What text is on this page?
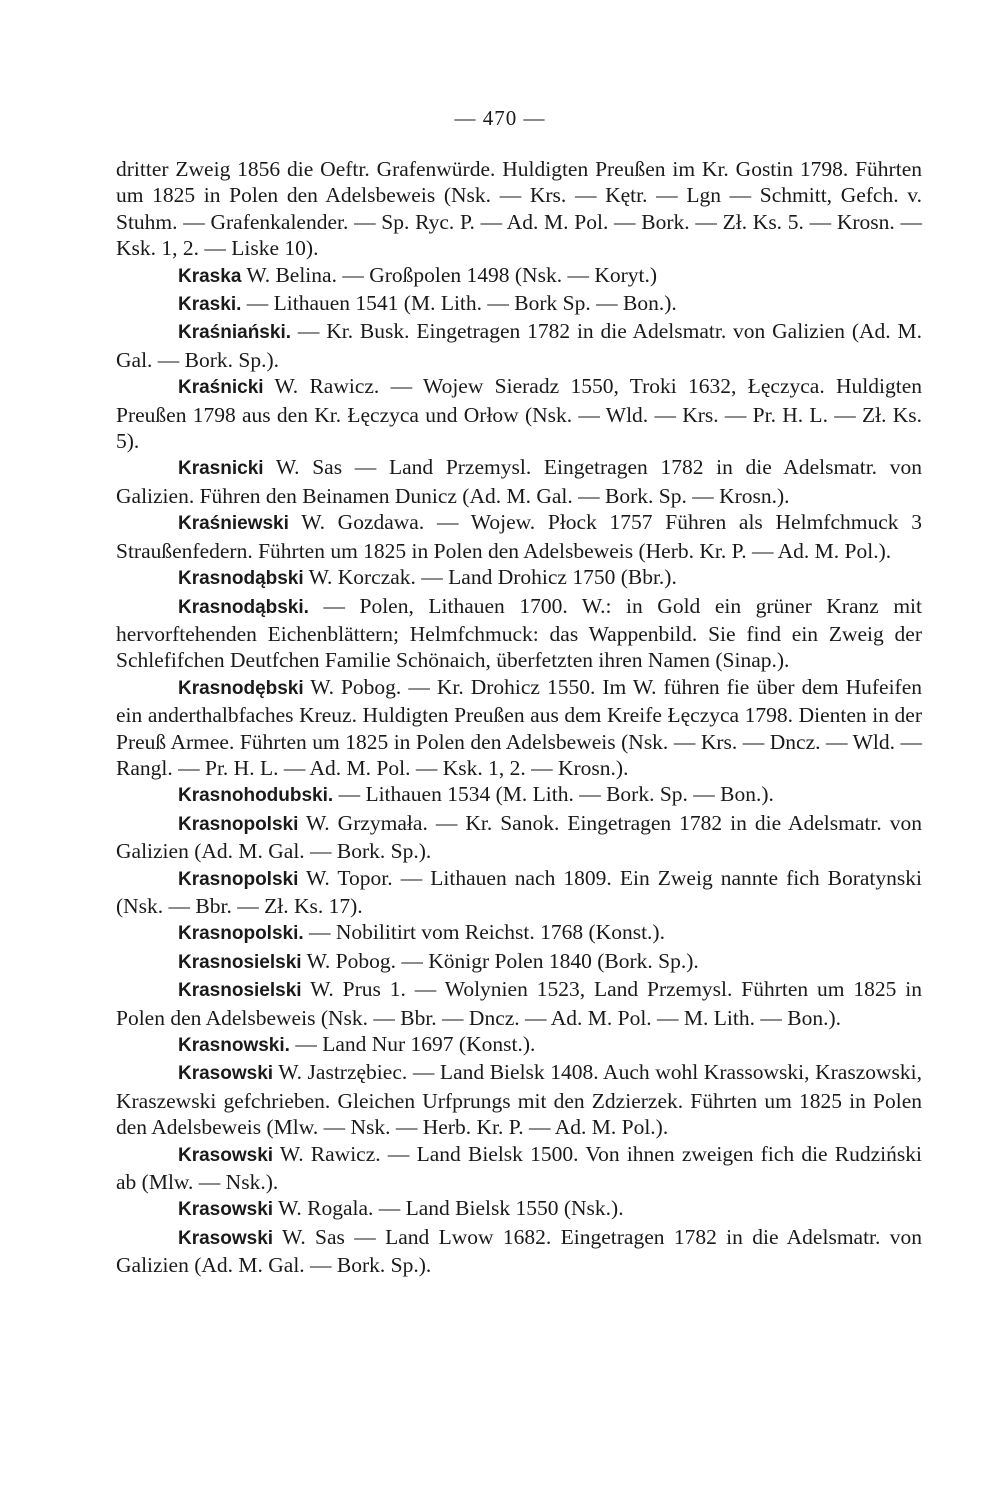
— 470 —

dritter Zweig 1856 die Oeftr. Grafenwürde. Huldigten Preußen im Kr. Gostin 1798. Führten um 1825 in Polen den Adelsbeweis (Nsk. — Krs. — Kętr. — Lgn — Schmitt, Gefch. v. Stuhm. — Grafenkalender. — Sp. Ryc. P. — Ad. M. Pol. — Bork. — Zł. Ks. 5. — Krosn. — Ksk. 1, 2. — Liske 10).

Kraska W. Belina. — Großpolen 1498 (Nsk. — Koryt.)

Kraski. — Lithauen 1541 (M. Lith. — Bork Sp. — Bon.).

Kraśniański. — Kr. Busk. Eingetragen 1782 in die Adelsmatr. von Galizien (Ad. M. Gal. — Bork. Sp.).

Kraśnicki W. Rawicz. — Wojew Sieradz 1550, Troki 1632, Łęczyca. Huldigten Preußen 1798 aus den Kr. Łęczyca und Orłow (Nsk. — Wld. — Krs. — Pr. H. L. — Zł. Ks. 5).

Krasnicki W. Sas — Land Przemysl. Eingetragen 1782 in die Adelsmatr. von Galizien. Führen den Beinamen Dunicz (Ad. M. Gal. — Bork. Sp. — Krosn.).

Kraśniewski W. Gozdawa. — Wojew. Płock 1757 Führen als Helmfchmuck 3 Straußenfedern. Führten um 1825 in Polen den Adelsbeweis (Herb. Kr. P. — Ad. M. Pol.).

Krasnodąbski W. Korczak. — Land Drohicz 1750 (Bbr.).

Krasnodąbski. — Polen, Lithauen 1700. W.: in Gold ein grüner Kranz mit hervorftehenden Eichenblättern; Helmfchmuck: das Wappenbild. Sie find ein Zweig der Schlefifchen Deutfchen Familie Schönaich, überfetzten ihren Namen (Sinap.).

Krasnodębski W. Pobog. — Kr. Drohicz 1550. Im W. führen fie über dem Hufeifen ein anderthalbfaches Kreuz. Huldigten Preußen aus dem Kreife Łęczyca 1798. Dienten in der Preuß Armee. Führten um 1825 in Polen den Adelsbeweis (Nsk. — Krs. — Dncz. — Wld. — Rangl. — Pr. H. L. — Ad. M. Pol. — Ksk. 1, 2. — Krosn.).

Krasnohodubski. — Lithauen 1534 (M. Lith. — Bork. Sp. — Bon.).

Krasnopolski W. Grzymała. — Kr. Sanok. Eingetragen 1782 in die Adelsmatr. von Galizien (Ad. M. Gal. — Bork. Sp.).

Krasnopolski W. Topor. — Lithauen nach 1809. Ein Zweig nannte fich Boratynski (Nsk. — Bbr. — Zł. Ks. 17).

Krasnopolski. — Nobilitirt vom Reichst. 1768 (Konst.).

Krasnosielski W. Pobog. — Königr Polen 1840 (Bork. Sp.).

Krasnosielski W. Prus 1. — Wolynien 1523, Land Przemysl. Führten um 1825 in Polen den Adelsbeweis (Nsk. — Bbr. — Dncz. — Ad. M. Pol. — M. Lith. — Bon.).

Krasnowski. — Land Nur 1697 (Konst.).

Krasowski W. Jastrzębiec. — Land Bielsk 1408. Auch wohl Krassowski, Kraszowski, Kraszewski gefchrieben. Gleichen Urfprungs mit den Zdzierzek. Führten um 1825 in Polen den Adelsbeweis (Mlw. — Nsk. — Herb. Kr. P. — Ad. M. Pol.).

Krasowski W. Rawicz. — Land Bielsk 1500. Von ihnen zweigen fich die Rudziński ab (Mlw. — Nsk.).

Krasowski W. Rogala. — Land Bielsk 1550 (Nsk.).

Krasowski W. Sas — Land Lwow 1682. Eingetragen 1782 in die Adelsmatr. von Galizien (Ad. M. Gal. — Bork. Sp.).
